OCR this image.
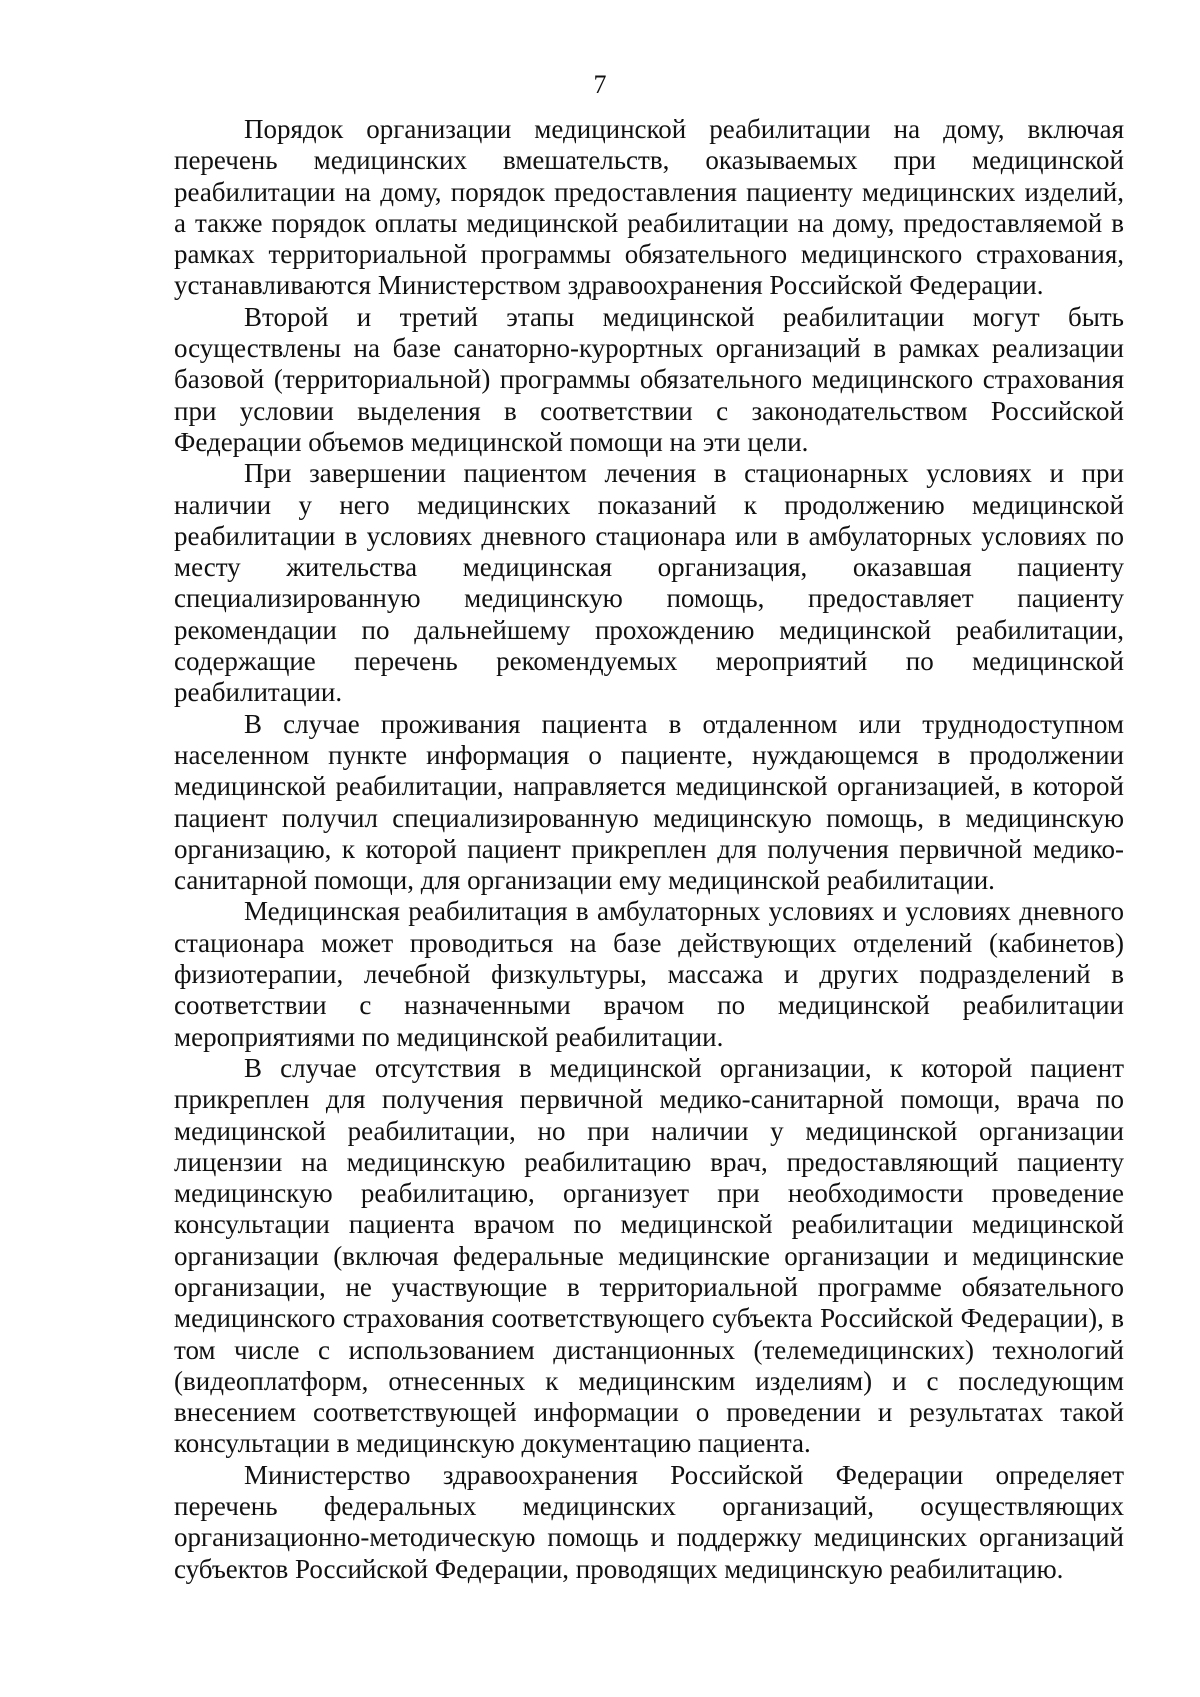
7

Порядок организации медицинской реабилитации на дому, включая перечень медицинских вмешательств, оказываемых при медицинской реабилитации на дому, порядок предоставления пациенту медицинских изделий, а также порядок оплаты медицинской реабилитации на дому, предоставляемой в рамках территориальной программы обязательного медицинского страхования, устанавливаются Министерством здравоохранения Российской Федерации.

Второй и третий этапы медицинской реабилитации могут быть осуществлены на базе санаторно-курортных организаций в рамках реализации базовой (территориальной) программы обязательного медицинского страхования при условии выделения в соответствии с законодательством Российской Федерации объемов медицинской помощи на эти цели.

При завершении пациентом лечения в стационарных условиях и при наличии у него медицинских показаний к продолжению медицинской реабилитации в условиях дневного стационара или в амбулаторных условиях по месту жительства медицинская организация, оказавшая пациенту специализированную медицинскую помощь, предоставляет пациенту рекомендации по дальнейшему прохождению медицинской реабилитации, содержащие перечень рекомендуемых мероприятий по медицинской реабилитации.

В случае проживания пациента в отдаленном или труднодоступном населенном пункте информация о пациенте, нуждающемся в продолжении медицинской реабилитации, направляется медицинской организацией, в которой пациент получил специализированную медицинскую помощь, в медицинскую организацию, к которой пациент прикреплен для получения первичной медико-санитарной помощи, для организации ему медицинской реабилитации.

Медицинская реабилитация в амбулаторных условиях и условиях дневного стационара может проводиться на базе действующих отделений (кабинетов) физиотерапии, лечебной физкультуры, массажа и других подразделений в соответствии с назначенными врачом по медицинской реабилитации мероприятиями по медицинской реабилитации.

В случае отсутствия в медицинской организации, к которой пациент прикреплен для получения первичной медико-санитарной помощи, врача по медицинской реабилитации, но при наличии у медицинской организации лицензии на медицинскую реабилитацию врач, предоставляющий пациенту медицинскую реабилитацию, организует при необходимости проведение консультации пациента врачом по медицинской реабилитации медицинской организации (включая федеральные медицинские организации и медицинские организации, не участвующие в территориальной программе обязательного медицинского страхования соответствующего субъекта Российской Федерации), в том числе с использованием дистанционных (телемедицинских) технологий (видеоплатформ, отнесенных к медицинским изделиям) и с последующим внесением соответствующей информации о проведении и результатах такой консультации в медицинскую документацию пациента.

Министерство здравоохранения Российской Федерации определяет перечень федеральных медицинских организаций, осуществляющих организационно-методическую помощь и поддержку медицинских организаций субъектов Российской Федерации, проводящих медицинскую реабилитацию.
